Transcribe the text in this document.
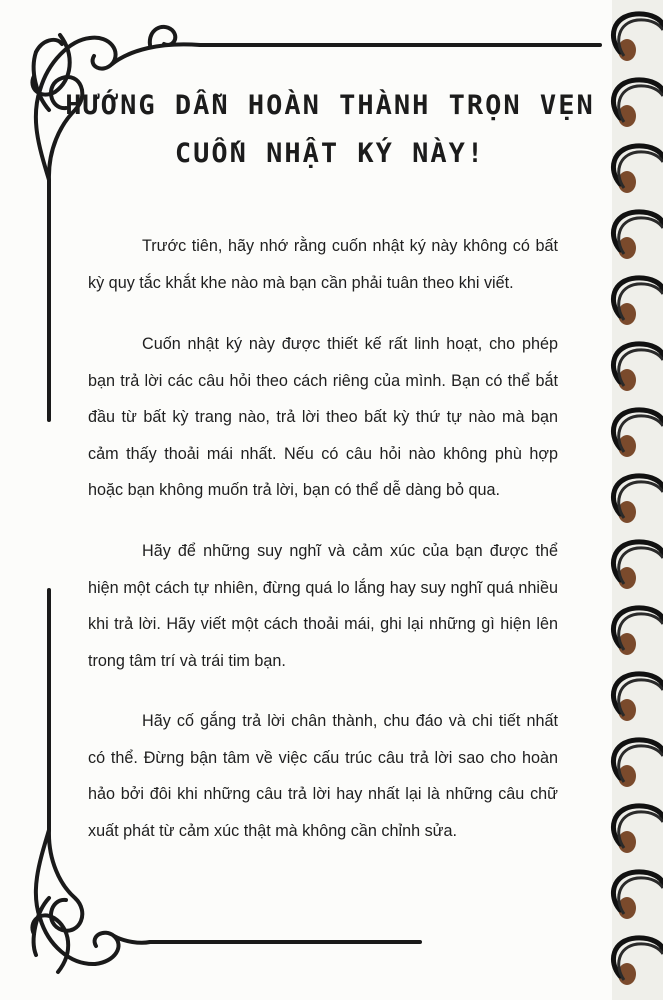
HƯỚNG DẪN HOÀN THÀNH TRỌN VẸN
CUỐN NHẬT KÝ NÀY!

Trước tiên, hãy nhớ rằng cuốn nhật ký này không có bất kỳ quy tắc khắt khe nào mà bạn cần phải tuân theo khi viết.

Cuốn nhật ký này được thiết kế rất linh hoạt, cho phép bạn trả lời các câu hỏi theo cách riêng của mình. Bạn có thể bắt đầu từ bất kỳ trang nào, trả lời theo bất kỳ thứ tự nào mà bạn cảm thấy thoải mái nhất. Nếu có câu hỏi nào không phù hợp hoặc bạn không muốn trả lời, bạn có thể dễ dàng bỏ qua.

Hãy để những suy nghĩ và cảm xúc của bạn được thể hiện một cách tự nhiên, đừng quá lo lắng hay suy nghĩ quá nhiều khi trả lời. Hãy viết một cách thoải mái, ghi lại những gì hiện lên trong tâm trí và trái tim bạn.

Hãy cố gắng trả lời chân thành, chu đáo và chi tiết nhất có thể. Đừng bận tâm về việc cấu trúc câu trả lời sao cho hoàn hảo bởi đôi khi những câu trả lời hay nhất lại là những câu chữ xuất phát từ cảm xúc thật mà không cần chỉnh sửa.
